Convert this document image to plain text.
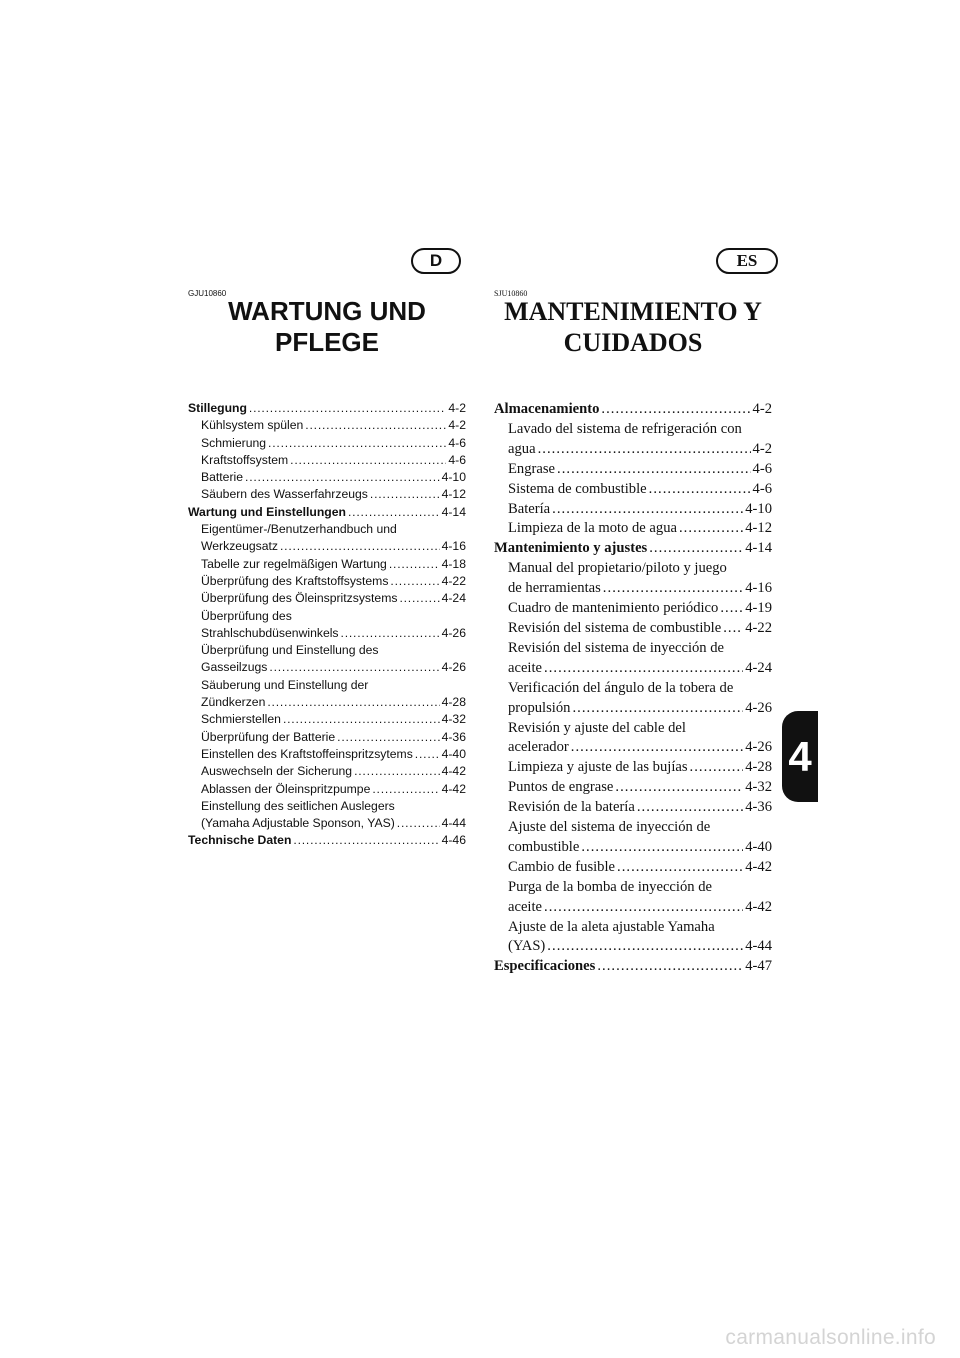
D	ES
GJU10860	SJU10860
WARTUNG UND
PFLEGE
MANTENIMIENTO Y
CUIDADOS
Stillegung . . .	4-2
Kühlsystem spülen . . .	4-2
Schmierung . . .	4-6
Kraftstoffsystem . . .	4-6
Batterie . . .	4-10
Säubern des Wasserfahrzeugs . . .	4-12
Wartung und Einstellungen . . .	4-14
Eigentümer-/Benutzerhandbuch und
Werkzeugsatz . . .	4-16
Tabelle zur regelmäßigen Wartung . . .	4-18
Überprüfung des Kraftstoffsystems . . .	4-22
Überprüfung des Öleinspritzsystems . . .	4-24
Überprüfung des
Strahlschubdüsenwinkels . . .	4-26
Überprüfung und Einstellung des
Gasseilzugs . . .	4-26
Säuberung und Einstellung der
Zündkerzen . . .	4-28
Schmierstellen . . .	4-32
Überprüfung der Batterie . . .	4-36
Einstellen des Kraftstoffeinspritzsytems . . . 4-40
Auswechseln der Sicherung . . .	4-42
Ablassen der Öleinspritzpumpe . . .	4-42
Einstellung des seitlichen Auslegers
(Yamaha Adjustable Sponson, YAS) . . .	4-44
Technische Daten . . .	4-46
Almacenamiento . . .	4-2
Lavado del sistema de refrigeración con
agua . . .	4-2
Engrase . . .	4-6
Sistema de combustible . . .	4-6
Batería . . .	4-10
Limpieza de la moto de agua . . .	4-12
Mantenimiento y ajustes . . .	4-14
Manual del propietario/piloto y juego
de herramientas . . .	4-16
Cuadro de mantenimiento periódico . . . 4-19
Revisión del sistema de combustible . . . 4-22
Revisión del sistema de inyección de
aceite . . .	4-24
Verificación del ángulo de la tobera de
propulsión . . .	4-26
Revisión y ajuste del cable del
acelerador . . .	4-26
Limpieza y ajuste de las bujías . . .	4-28
Puntos de engrase . . .	4-32
Revisión de la batería . . .	4-36
Ajuste del sistema de inyección de
combustible . . .	4-40
Cambio de fusible . . .	4-42
Purga de la bomba de inyección de
aceite . . .	4-42
Ajuste de la aleta ajustable Yamaha
(YAS) . . .	4-44
Especificaciones . . .	4-47
4
carmanualsonline.info
